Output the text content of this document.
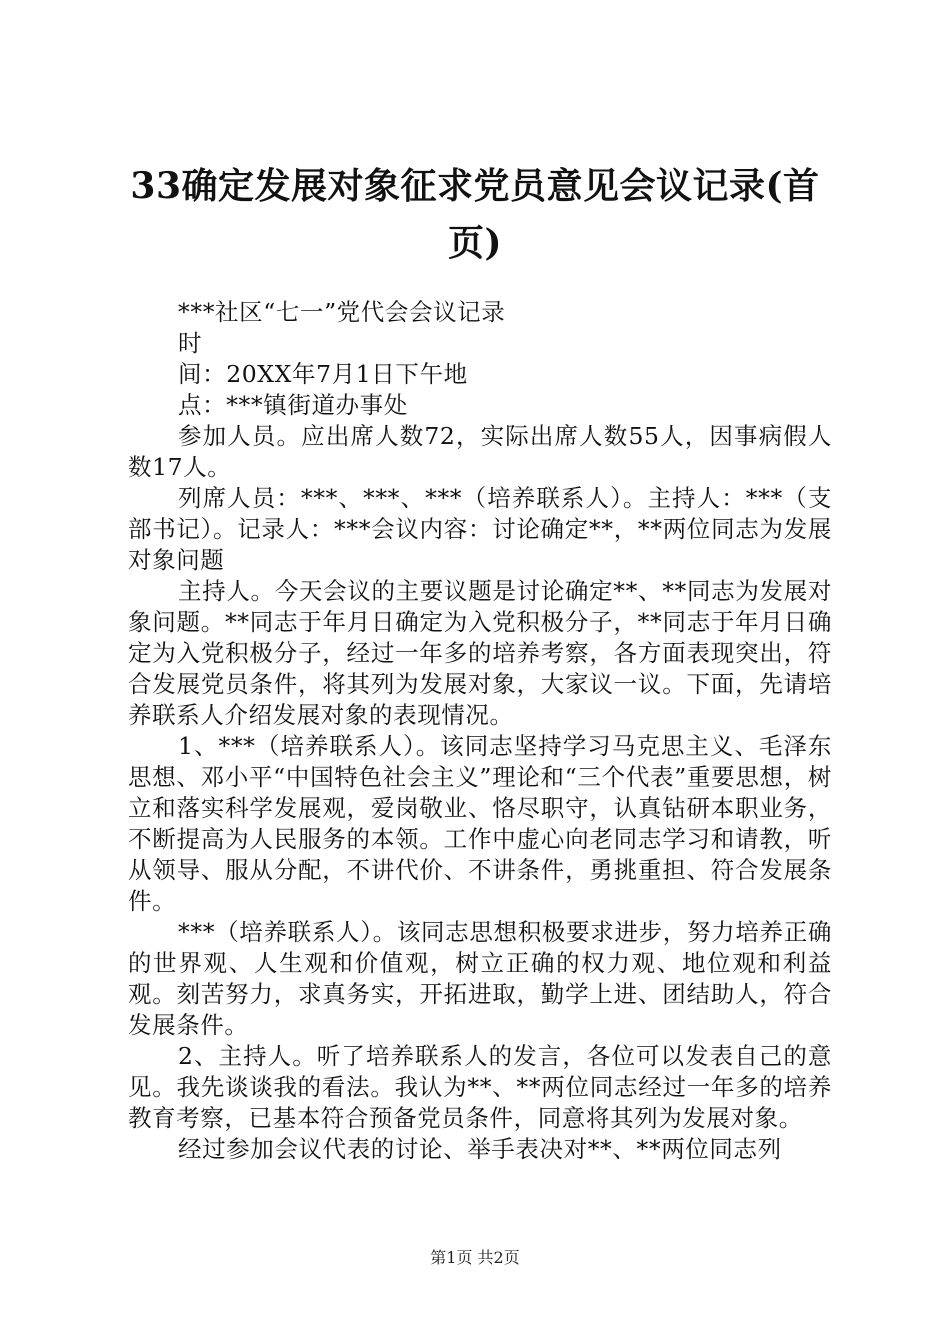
33确定发展对象征求党员意见会议记录(首页)

***社区“七一”党代会会议记录

时

间：20XX年7月1日下午地

点：***镇街道办事处

参加人员。应出席人数72，实际出席人数55人，因事病假人数17人。

列席人员：***、***、***（培养联系人）。主持人：***（支部书记）。记录人：***会议内容：讨论确定**，**两位同志为发展对象问题

主持人。今天会议的主要议题是讨论确定**、**同志为发展对象问题。**同志于年月日确定为入党积极分子，**同志于年月日确定为入党积极分子，经过一年多的培养考察，各方面表现突出，符合发展党员条件，将其列为发展对象，大家议一议。下面，先请培养联系人介绍发展对象的表现情况。

1、***（培养联系人）。该同志坚持学习马克思主义、毛泽东思想、邓小平“中国特色社会主义”理论和“三个代表”重要思想，树立和落实科学发展观，爱岗敬业、恪尽职守，认真钻研本职业务，不断提高为人民服务的本领。工作中虚心向老同志学习和请教，听从领导、服从分配，不讲代价、不讲条件，勇挑重担、符合发展条件。

***（培养联系人）。该同志思想积极要求进步，努力培养正确的世界观、人生观和价值观，树立正确的权力观、地位观和利益观。刻苦努力，求真务实，开拓进取，勤学上进、团结助人，符合发展条件。

2、主持人。听了培养联系人的发言，各位可以发表自己的意见。我先谈谈我的看法。我认为**、**两位同志经过一年多的培养教育考察，已基本符合预备党员条件，同意将其列为发展对象。

经过参加会议代表的讨论、举手表决对**、**两位同志列

第1页 共2页
